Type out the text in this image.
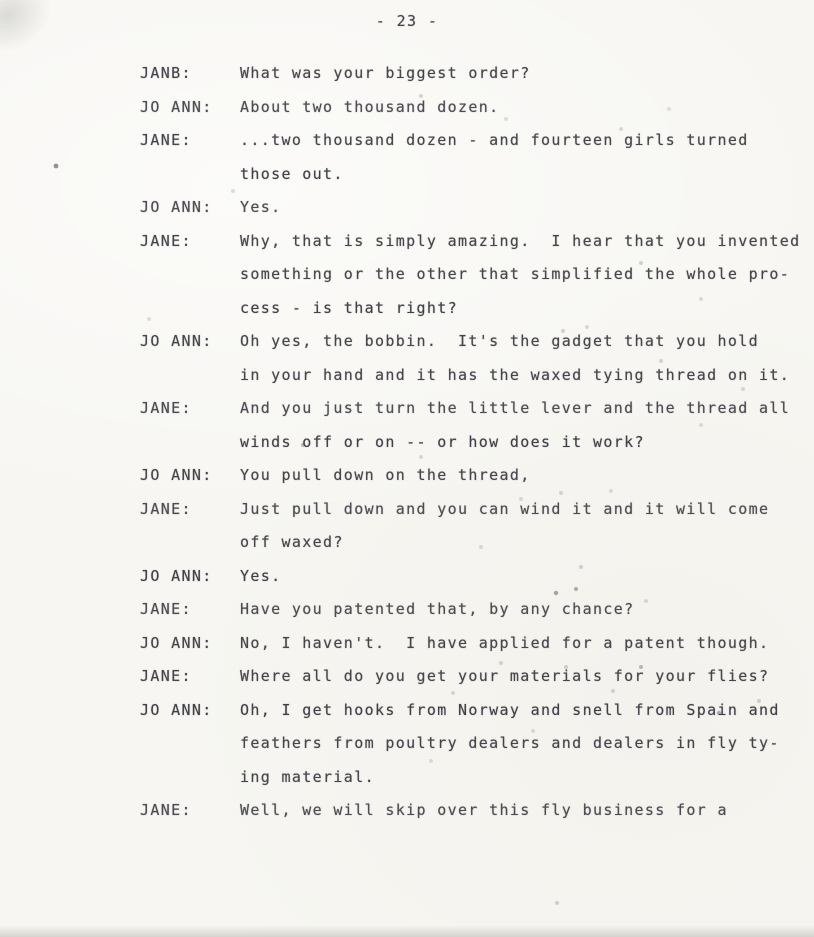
- 23 -
JANB:	What was your biggest order?
JO ANN:	About two thousand dozen.
JANE:	...two thousand dozen - and fourteen girls turned
those out.
JO ANN:	Yes.
JANE:	Why, that is simply amazing.  I hear that you invented
something or the other that simplified the whole pro-
cess - is that right?
JO ANN:	Oh yes, the bobbin.  It's the gadget that you hold
in your hand and it has the waxed tying thread on it.
JANE:	And you just turn the little lever and the thread all
winds off or on -- or how does it work?
JO ANN:	You pull down on the thread,
JANE:	Just pull down and you can wind it and it will come
off waxed?
JO ANN:	Yes.
JANE:	Have you patented that, by any chance?
JO ANN:	No, I haven't.  I have applied for a patent though.
JANE:	Where all do you get your materials for your flies?
JO ANN:	Oh, I get hooks from Norway and snell from Spain and
feathers from poultry dealers and dealers in fly ty-
ing material.
JANE:	Well, we will skip over this fly business for a
